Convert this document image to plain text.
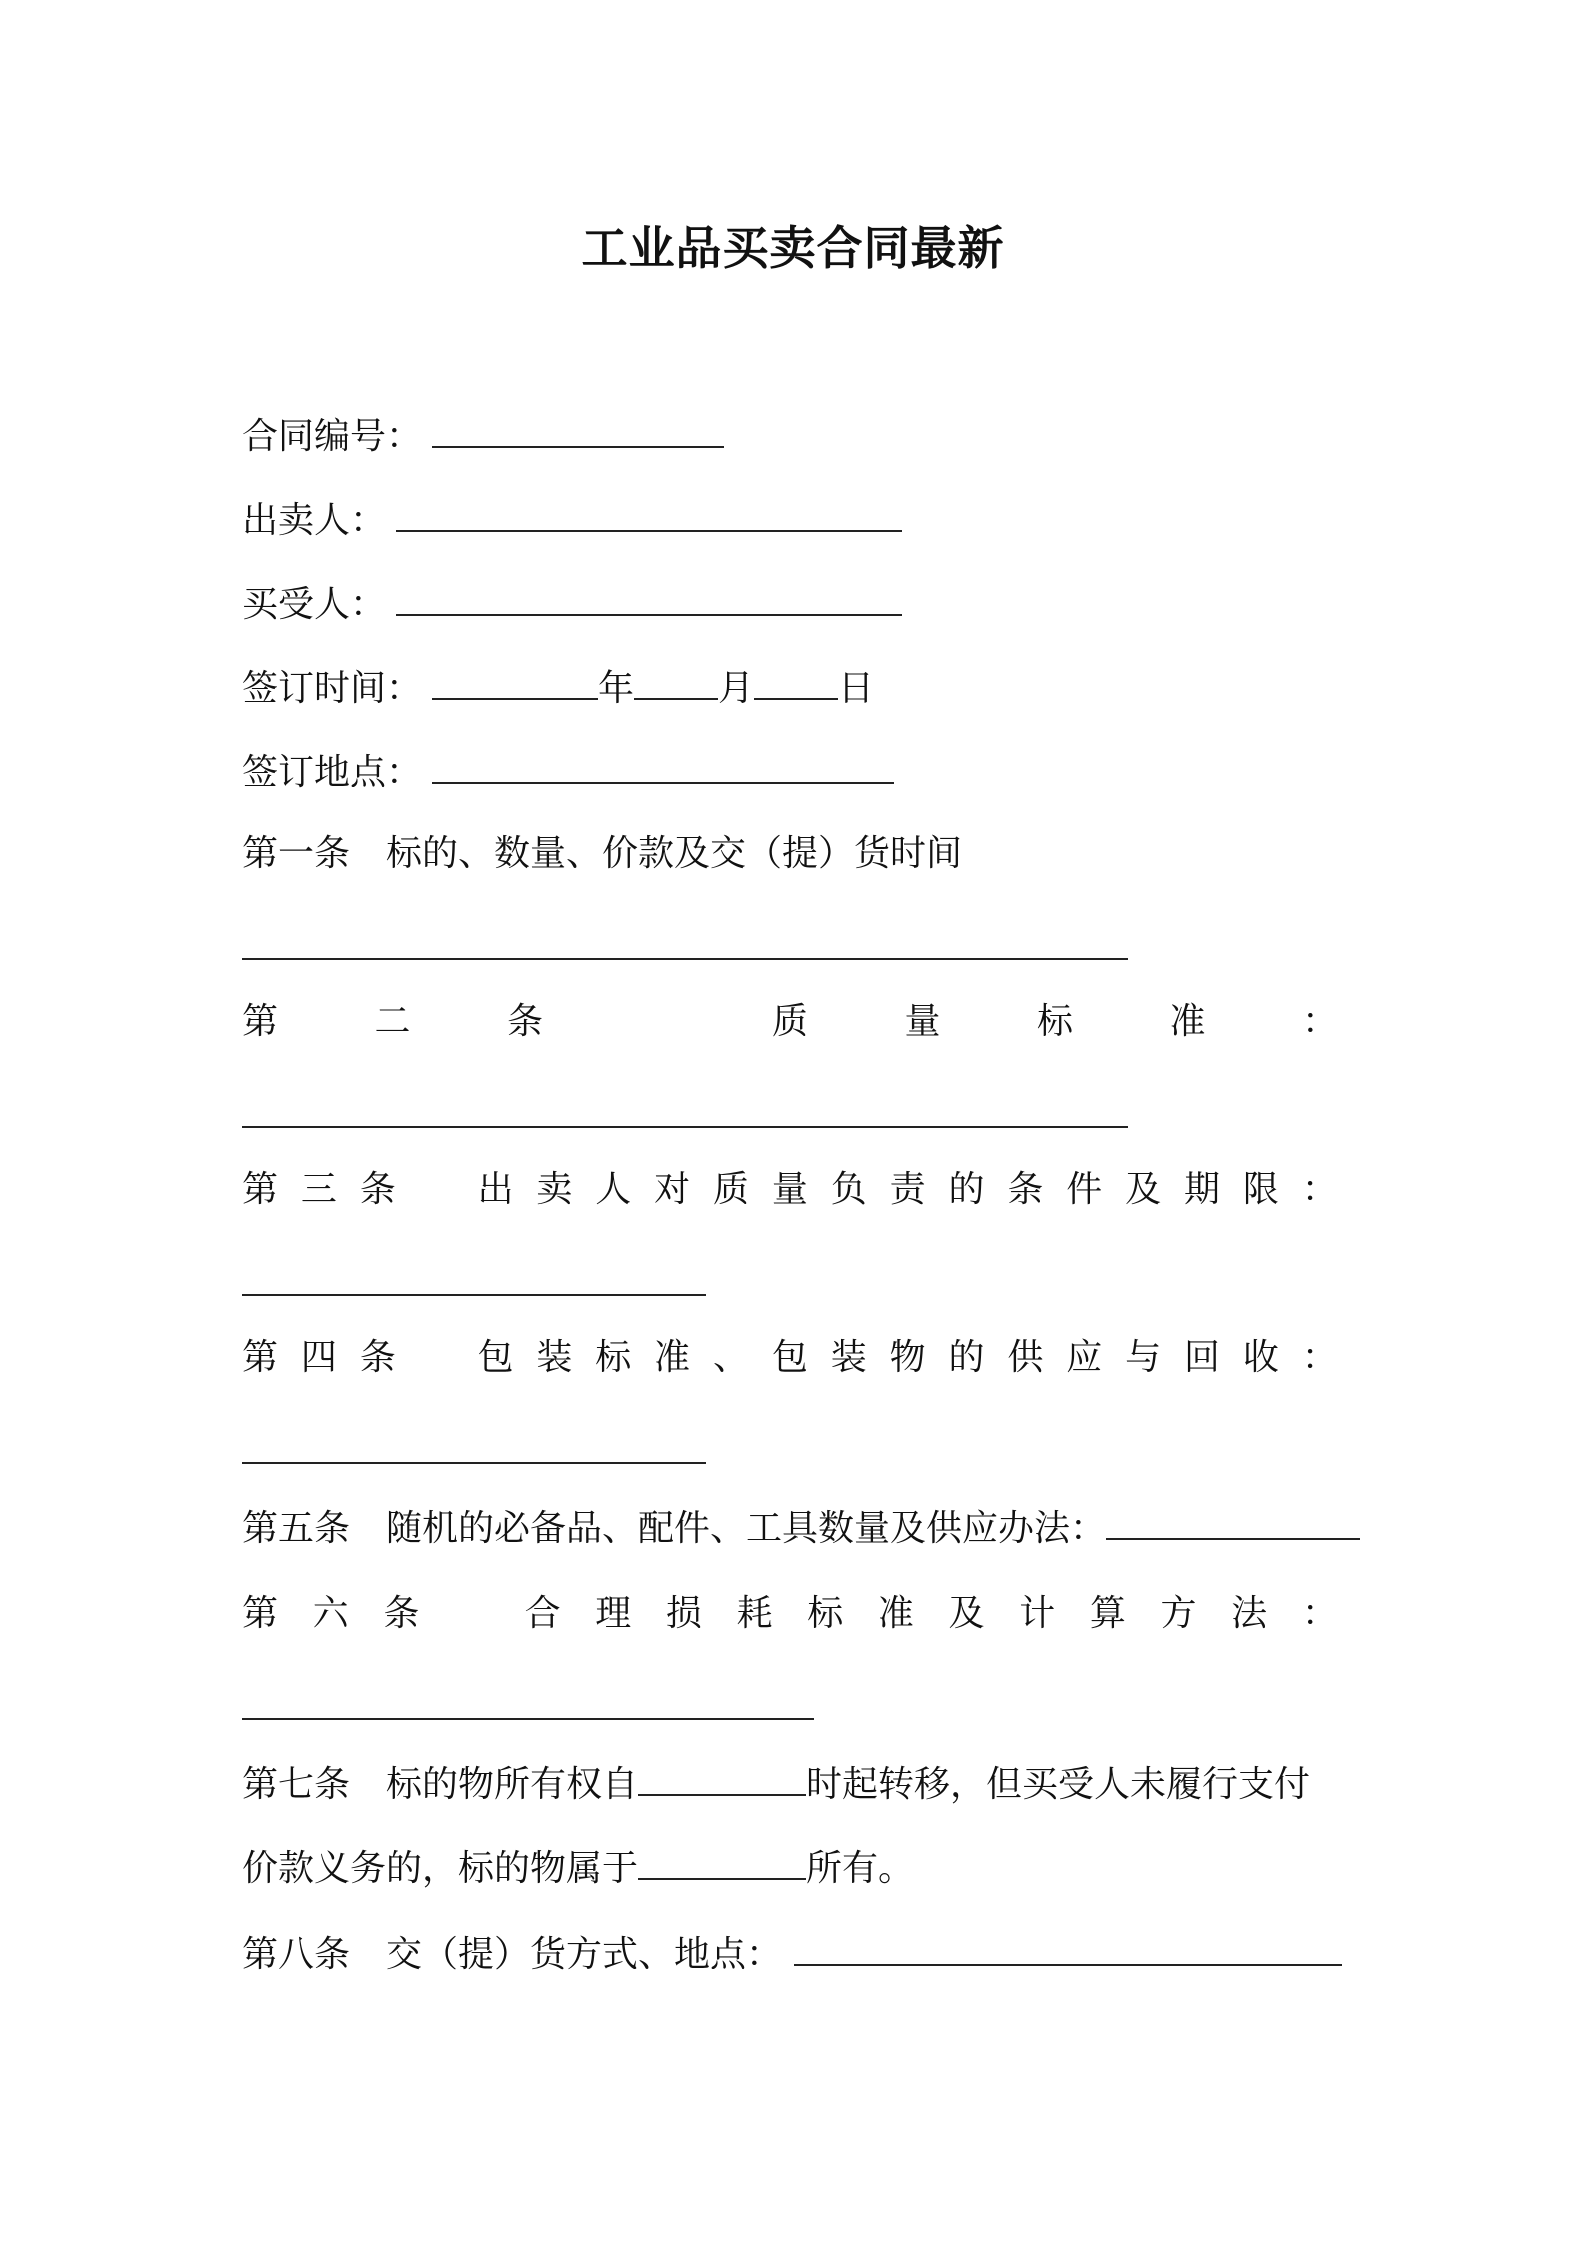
工业品买卖合同最新
合同编号：
出卖人：
买受人：
签订时间：	年 月 日
签订地点：
第一条　标的、数量、价款及交（提）货时间
第	二	条	质	量	标	准	：
第 三 条 出 卖 人 对 质 量 负 责 的 条 件 及 期 限 ：
第 四 条 包 装 标 准 、 包 装 物 的 供 应 与 回 收 ：
第五条　随机的必备品、配件、工具数量及供应办法：
第 六 条	合 理 损 耗 标 准 及 计 算 方 法 ：
第七条　标的物所有权自	时起转移，但买受人未履行支付
价款义务的，标的物属于	所有。
第八条　交（提）货方式、地点：
